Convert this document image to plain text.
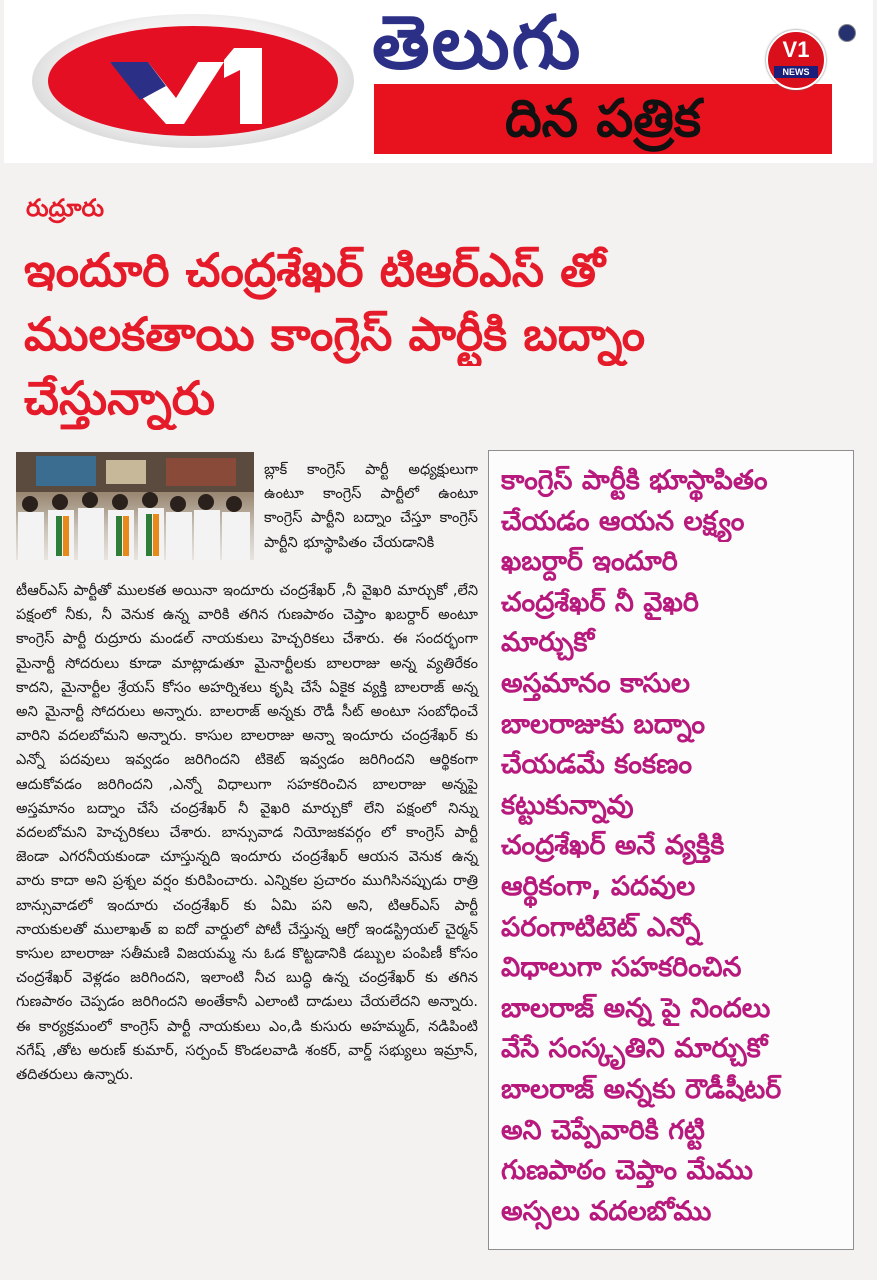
తెలుగు
దిన పత్రిక
V1
NEWS
రుద్రూరు
ఇందూరి చంద్రశేఖర్ టిఆర్ఎస్ తో
ములకతాయి కాంగ్రెస్ పార్టీకి బద్నాం
చేస్తున్నారు

బ్లాక్ కాంగ్రెస్ పార్టీ అధ్యక్షులుగా ఉంటూ కాంగ్రెస్ పార్టీలో ఉంటూ కాంగ్రెస్ పార్టీని బద్నాం చేస్తూ కాంగ్రెస్ పార్టీని భూస్థాపితం చేయడానికి

టీఆర్ఎస్ పార్టీతో ములకత అయినా ఇందూరు చంద్రశేఖర్ ,నీ వైఖరి మార్చుకో ,లేని పక్షంలో నీకు, నీ వెనుక ఉన్న వారికి తగిన గుణపాఠం చెప్తాం ఖబర్దార్ అంటూ కాంగ్రెస్ పార్టీ రుద్రూరు మండల్ నాయకులు హెచ్చరికలు చేశారు. ఈ సందర్భంగా మైనార్టీ సోదరులు కూడా మాట్లాడుతూ మైనార్టీలకు బాలరాజు అన్న వ్యతిరేకం కాదని, మైనార్టీల శ్రేయస్ కోసం అహర్నిశలు కృషి చేసే ఏకైక వ్యక్తి బాలరాజ్ అన్న అని మైనార్టీ సోదరులు అన్నారు. బాలరాజ్ అన్నకు రౌడీ సీట్ అంటూ సంబోధించే వారిని వదలబోమని అన్నారు. కాసుల బాలరాజు అన్నా ఇందూరు చంద్రశేఖర్ కు ఎన్నో పదవులు ఇవ్వడం జరిగిందని టికెట్ ఇవ్వడం జరిగిందని ఆర్థికంగా ఆదుకోవడం జరిగిందని ,ఎన్నో విధాలుగా సహకరించిన బాలరాజు అన్నపై అస్తమానం బద్నాం చేసే చంద్రశేఖర్ నీ వైఖరి మార్చుకో లేని పక్షంలో నిన్ను వదలబోమని హెచ్చరికలు చేశారు. బాన్సువాడ నియోజకవర్గం లో కాంగ్రెస్ పార్టీ జెండా ఎగరనీయకుండా చూస్తున్నది ఇందూరు చంద్రశేఖర్ ఆయన వెనుక ఉన్న వారు కాదా అని ప్రశ్నల వర్షం కురిపించారు. ఎన్నికల ప్రచారం ముగిసినప్పుడు రాత్రి బాన్సువాడలో ఇందూరు చంద్రశేఖర్ కు ఏమి పని అని, టిఆర్ఎస్ పార్టీ నాయకులతో ములాఖత్ ఐ ఐదో వార్డులో పోటీ చేస్తున్న ఆగ్రో ఇండస్ట్రియల్ చైర్మన్ కాసుల బాలరాజు సతీమణి విజయమ్మ ను ఓడ కొట్టడానికి డబ్బుల పంపిణీ కోసం చంద్రశేఖర్ వెళ్లడం జరిగిందని, ఇలాంటి నీచ బుద్ధి ఉన్న చంద్రశేఖర్ కు తగిన గుణపాఠం చెప్పడం జరిగిందని అంతేకానీ ఎలాంటి దాడులు చేయలేదని అన్నారు. ఈ కార్యక్రమంలో కాంగ్రెస్ పార్టీ నాయకులు ఎం,డి కుసురు అహమ్మద్, నడిపింటి నగేష్ ,తోట అరుణ్ కుమార్, సర్పంచ్ కొండలవాడి శంకర్, వార్డ్ సభ్యులు ఇమ్రాన్, తదితరులు ఉన్నారు.

కాంగ్రెస్ పార్టీకి భూస్థాపితం
చేయడం ఆయన లక్ష్యం
ఖబర్దార్ ఇందూరి
చంద్రశేఖర్ నీ వైఖరి
మార్చుకో
అస్తమానం కాసుల
బాలరాజుకు బద్నాం
చేయడమే కంకణం
కట్టుకున్నావు
చంద్రశేఖర్ అనే వ్యక్తికి
ఆర్థికంగా, పదవుల
పరంగాటిటెట్ ఎన్నో
విధాలుగా సహకరించిన
బాలరాజ్ అన్న పై నిందలు
వేసే సంస్కృతిని మార్చుకో
బాలరాజ్ అన్నకు రౌడీషీటర్
అని చెప్పేవారికి గట్టి
గుణపాఠం చెప్తాం మేము
అస్సలు వదలబోము
